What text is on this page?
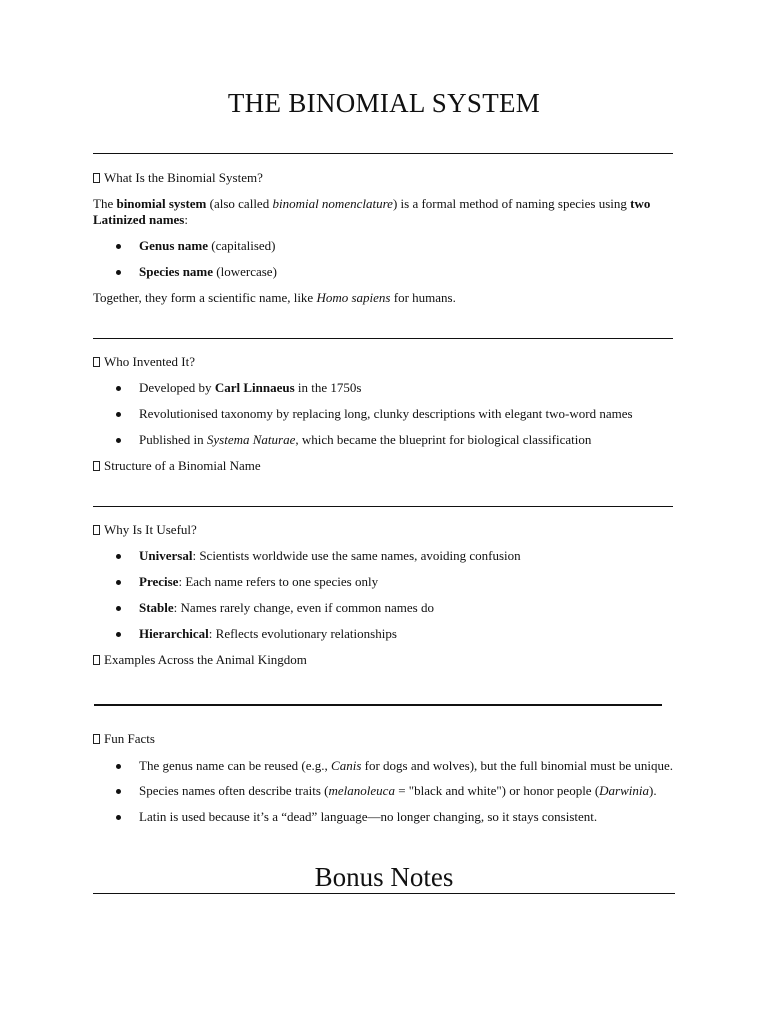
THE BINOMIAL SYSTEM
What Is the Binomial System?
The binomial system (also called binomial nomenclature) is a formal method of naming species using two
Latinized names:
Genus name (capitalised)
Species name (lowercase)
Together, they form a scientific name, like Homo sapiens for humans.
Who Invented It?
Developed by Carl Linnaeus in the 1750s
Revolutionised taxonomy by replacing long, clunky descriptions with elegant two-word names
Published in Systema Naturae, which became the blueprint for biological classification
Structure of a Binomial Name
Why Is It Useful?
Universal: Scientists worldwide use the same names, avoiding confusion
Precise: Each name refers to one species only
Stable: Names rarely change, even if common names do
Hierarchical: Reflects evolutionary relationships
Examples Across the Animal Kingdom
Fun Facts
The genus name can be reused (e.g., Canis for dogs and wolves), but the full binomial must be unique.
Species names often describe traits (melanoleuca = "black and white") or honor people (Darwinia).
Latin is used because it’s a “dead” language—no longer changing, so it stays consistent.
Bonus Notes
